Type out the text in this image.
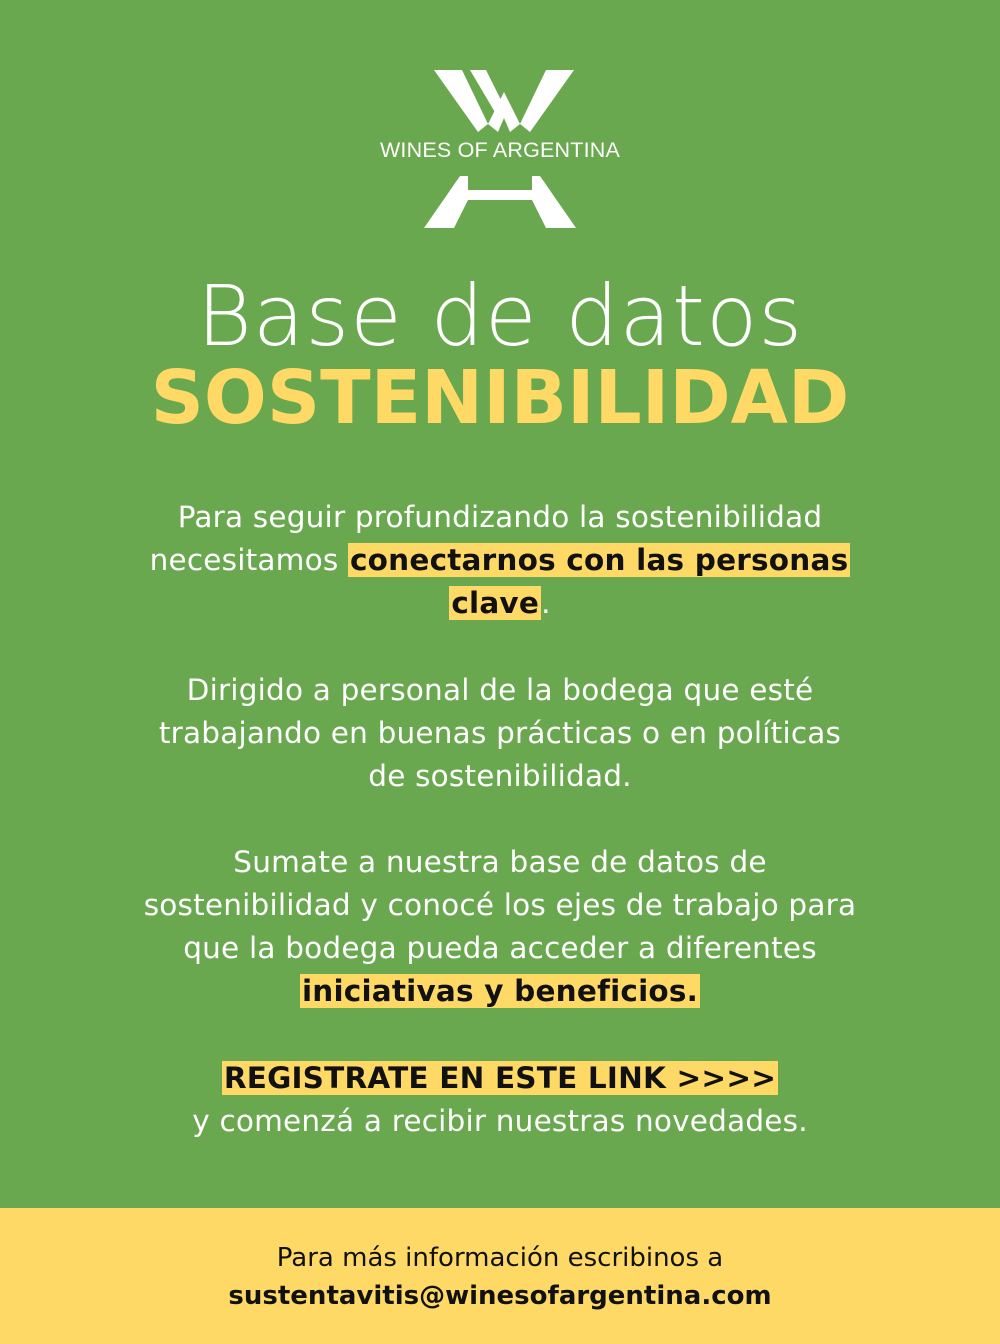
WINES OF ARGENTINA
Base de datos
SOSTENIBILIDAD
Para seguir profundizando la sostenibilidad
necesitamos conectarnos con las personas
clave.
Dirigido a personal de la bodega que esté
trabajando en buenas prácticas o en políticas
de sostenibilidad.
Sumate a nuestra base de datos de
sostenibilidad y conocé los ejes de trabajo para
que la bodega pueda acceder a diferentes
iniciativas y beneficios.
REGISTRATE EN ESTE LINK >>>>
y comenzá a recibir nuestras novedades.
Para más información escribinos a
sustentavitis@winesofargentina.com
